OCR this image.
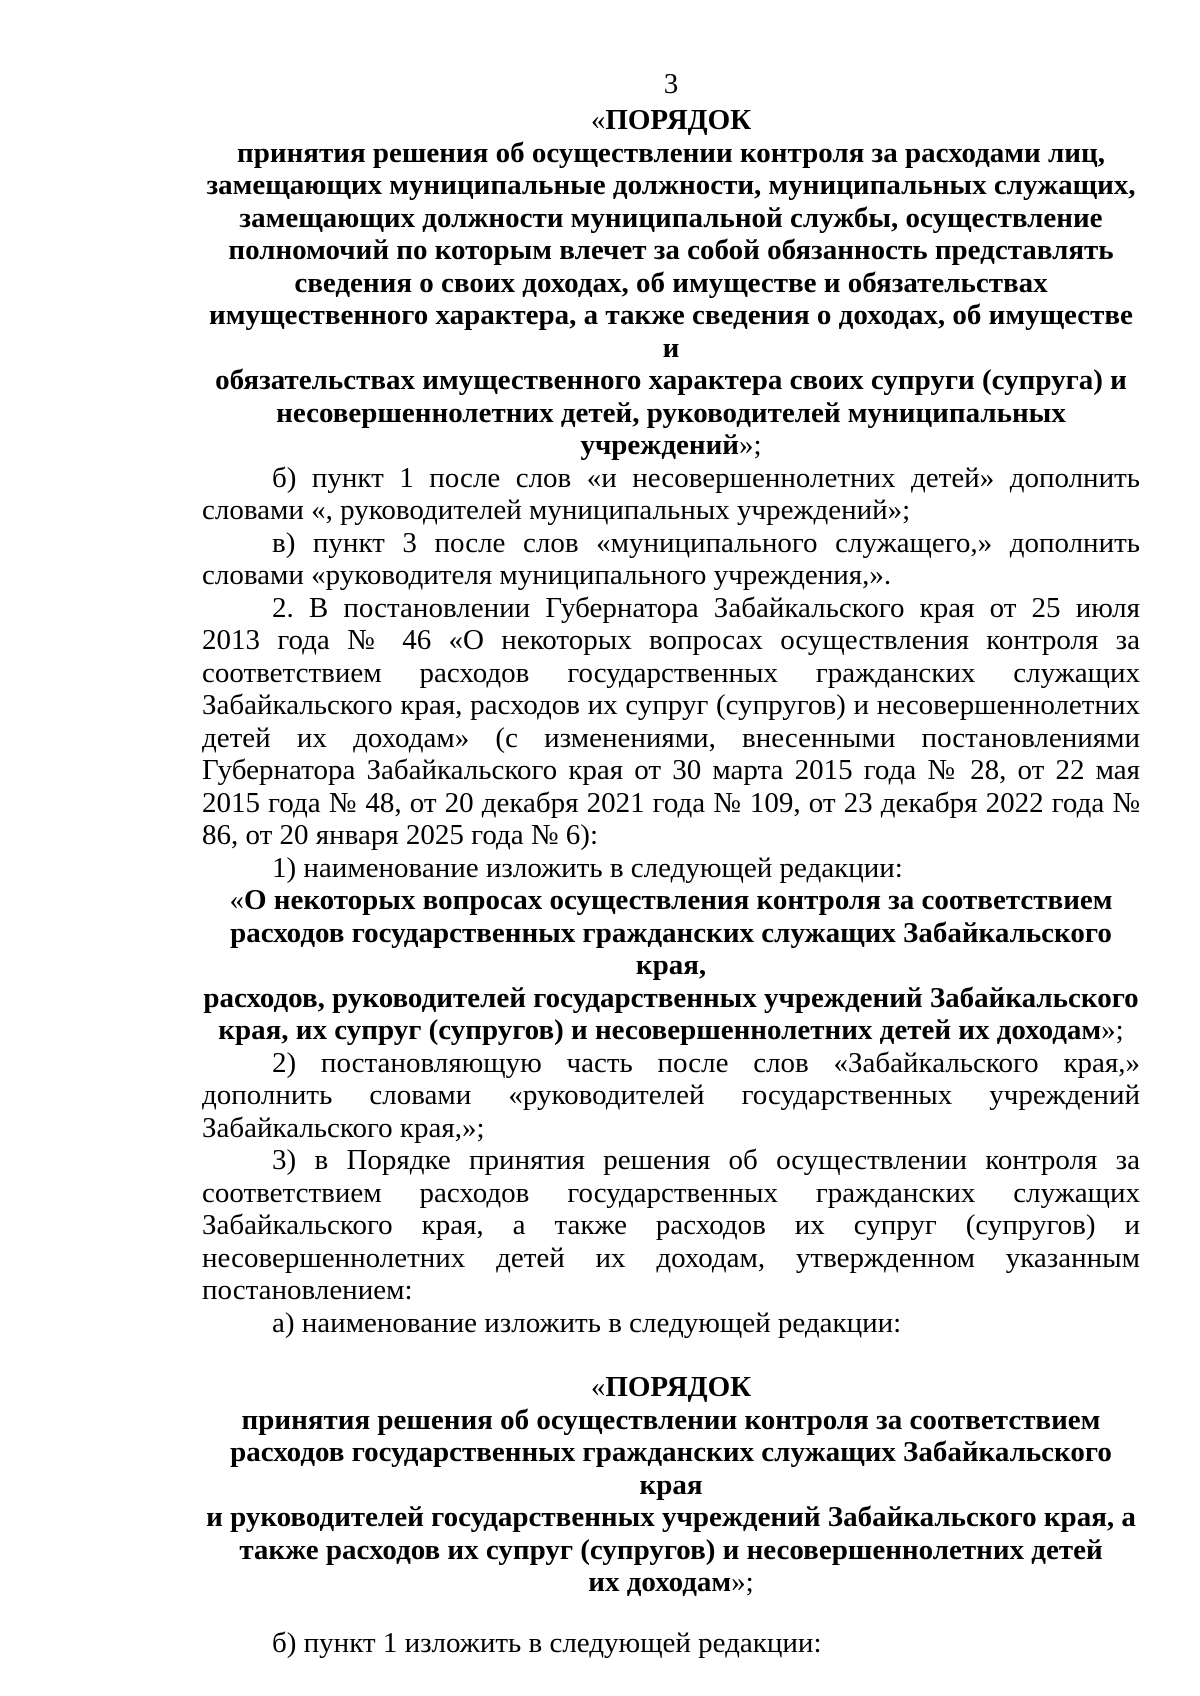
3
«ПОРЯДОК
принятия решения об осуществлении контроля за расходами лиц,
замещающих муниципальные должности, муниципальных служащих,
замещающих должности муниципальной службы, осуществление
полномочий по которым влечет за собой обязанность представлять
сведения о своих доходах, об имуществе и обязательствах
имущественного характера, а также сведения о доходах, об имуществе и
обязательствах имущественного характера своих супруги (супруга) и
несовершеннолетних детей, руководителей муниципальных
учреждений»;

б) пункт 1 после слов «и несовершеннолетних детей» дополнить словами «, руководителей муниципальных учреждений»;

в) пункт 3 после слов «муниципального служащего,» дополнить словами «руководителя муниципального учреждения,».

2. В постановлении Губернатора Забайкальского края от 25 июля 2013 года № 46 «О некоторых вопросах осуществления контроля за соответствием расходов государственных гражданских служащих Забайкальского края, расходов их супруг (супругов) и несовершеннолетних детей их доходам» (с изменениями, внесенными постановлениями Губернатора Забайкальского края от 30 марта 2015 года № 28, от 22 мая 2015 года № 48, от 20 декабря 2021 года № 109, от 23 декабря 2022 года № 86, от 20 января 2025 года № 6):

1) наименование изложить в следующей редакции:

«О некоторых вопросах осуществления контроля за соответствием
расходов государственных гражданских служащих Забайкальского края,
расходов, руководителей государственных учреждений Забайкальского
края, их супруг (супругов) и несовершеннолетних детей их доходам»;

2) постановляющую часть после слов «Забайкальского края,» дополнить словами «руководителей государственных учреждений Забайкальского края,»;

3) в Порядке принятия решения об осуществлении контроля за соответствием расходов государственных гражданских служащих Забайкальского края, а также расходов их супруг (супругов) и несовершеннолетних детей их доходам, утвержденном указанным постановлением:

а) наименование изложить в следующей редакции:

«ПОРЯДОК
принятия решения об осуществлении контроля за соответствием
расходов государственных гражданских служащих Забайкальского края
и руководителей государственных учреждений Забайкальского края, а
также расходов их супруг (супругов) и несовершеннолетних детей
их доходам»;

б) пункт 1 изложить в следующей редакции:
